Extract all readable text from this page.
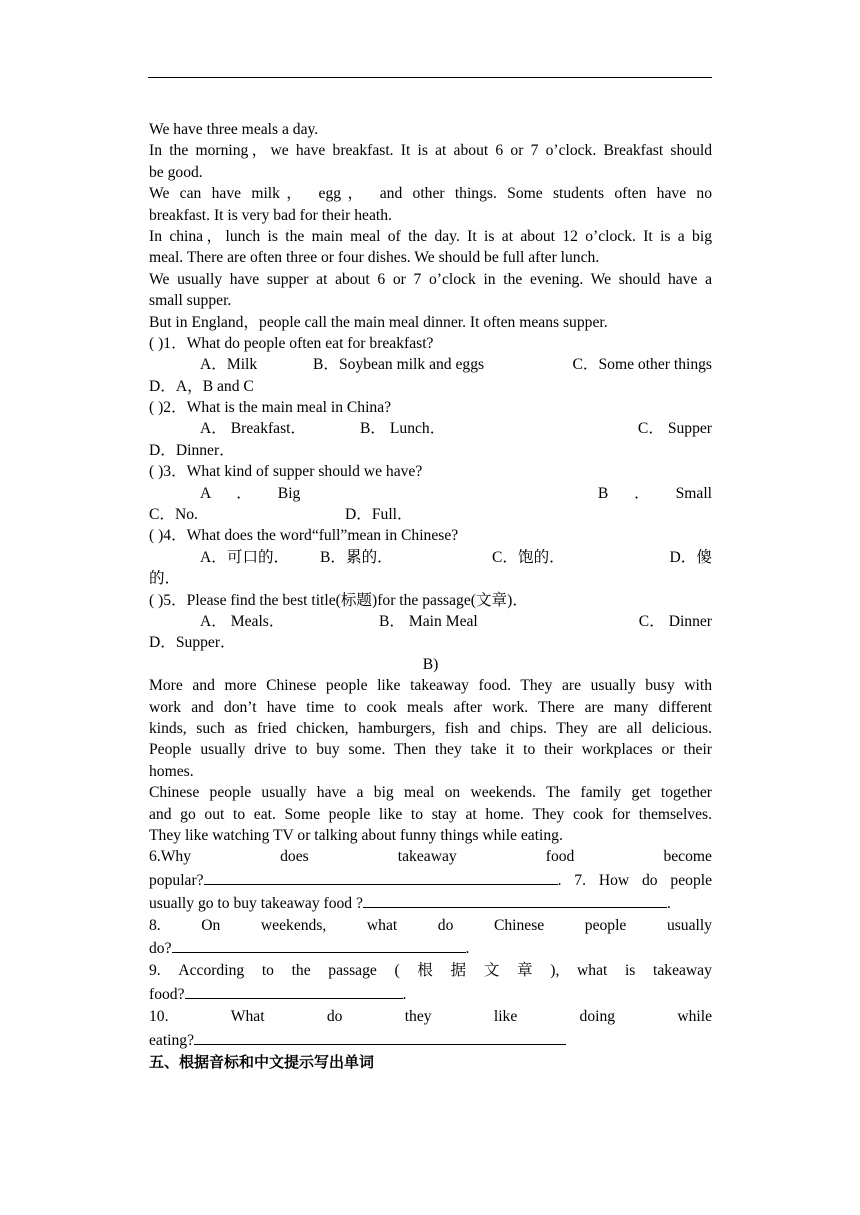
We have three meals a day.
In the morning，we have breakfast. It is at about 6 or 7 o’clock. Breakfast should
be good.
We can have milk， egg， and other things. Some students often have no
breakfast. It is very bad for their heath.
In china，lunch is the main meal of the day. It is at about 12 o’clock. It is a big
meal. There are often three or four dishes. We should be full after lunch.
We usually have supper at about 6 or 7 o’clock in the evening. We should have a
small supper.
But in England，people call the main meal dinner. It often means supper.
( )1．What do people often eat for breakfast?
A．Milk	B．Soybean milk and eggs	C．Some other things
D．A，B and C
( )2．What is the main meal in China?
A． Breakfast．	B． Lunch．	C． Supper
D．Dinner．
( )3．What kind of supper should we have?
A ． Big	B ． Small
C．No.	D．Full．
( )4．What does the word“full”mean in Chinese?
A．可口的．	B．累的．	C．饱的．	D．傻
的．
( )5．Please find the best title(标题)for the passage(文章)．
A． Meals．	B． Main Meal	C． Dinner
D．Supper．
B)
More and more Chinese people like takeaway food. They are usually busy with
work and don’t have time to cook meals after work. There are many different
kinds, such as fried chicken, hamburgers, fish and chips. They are all delicious.
People usually drive to buy some. Then they take it to their workplaces or their
homes.
Chinese people usually have a big meal on weekends. The family get together
and go out to eat. Some people like to stay at home. They cook for themselves.
They like watching TV or talking about funny things while eating.
6.Why	does	takeaway	food	become
popular?	. 7. How do people
usually go to buy takeaway food ?	.
8.	On	weekends,	what	do	Chinese	people	usually
do?	.
9. According to the passage ( 根 据 文 章 ), what is takeaway
food?	.
10.	What	do	they	like	doing	while
eating?
五、根据音标和中文提示写出单词
